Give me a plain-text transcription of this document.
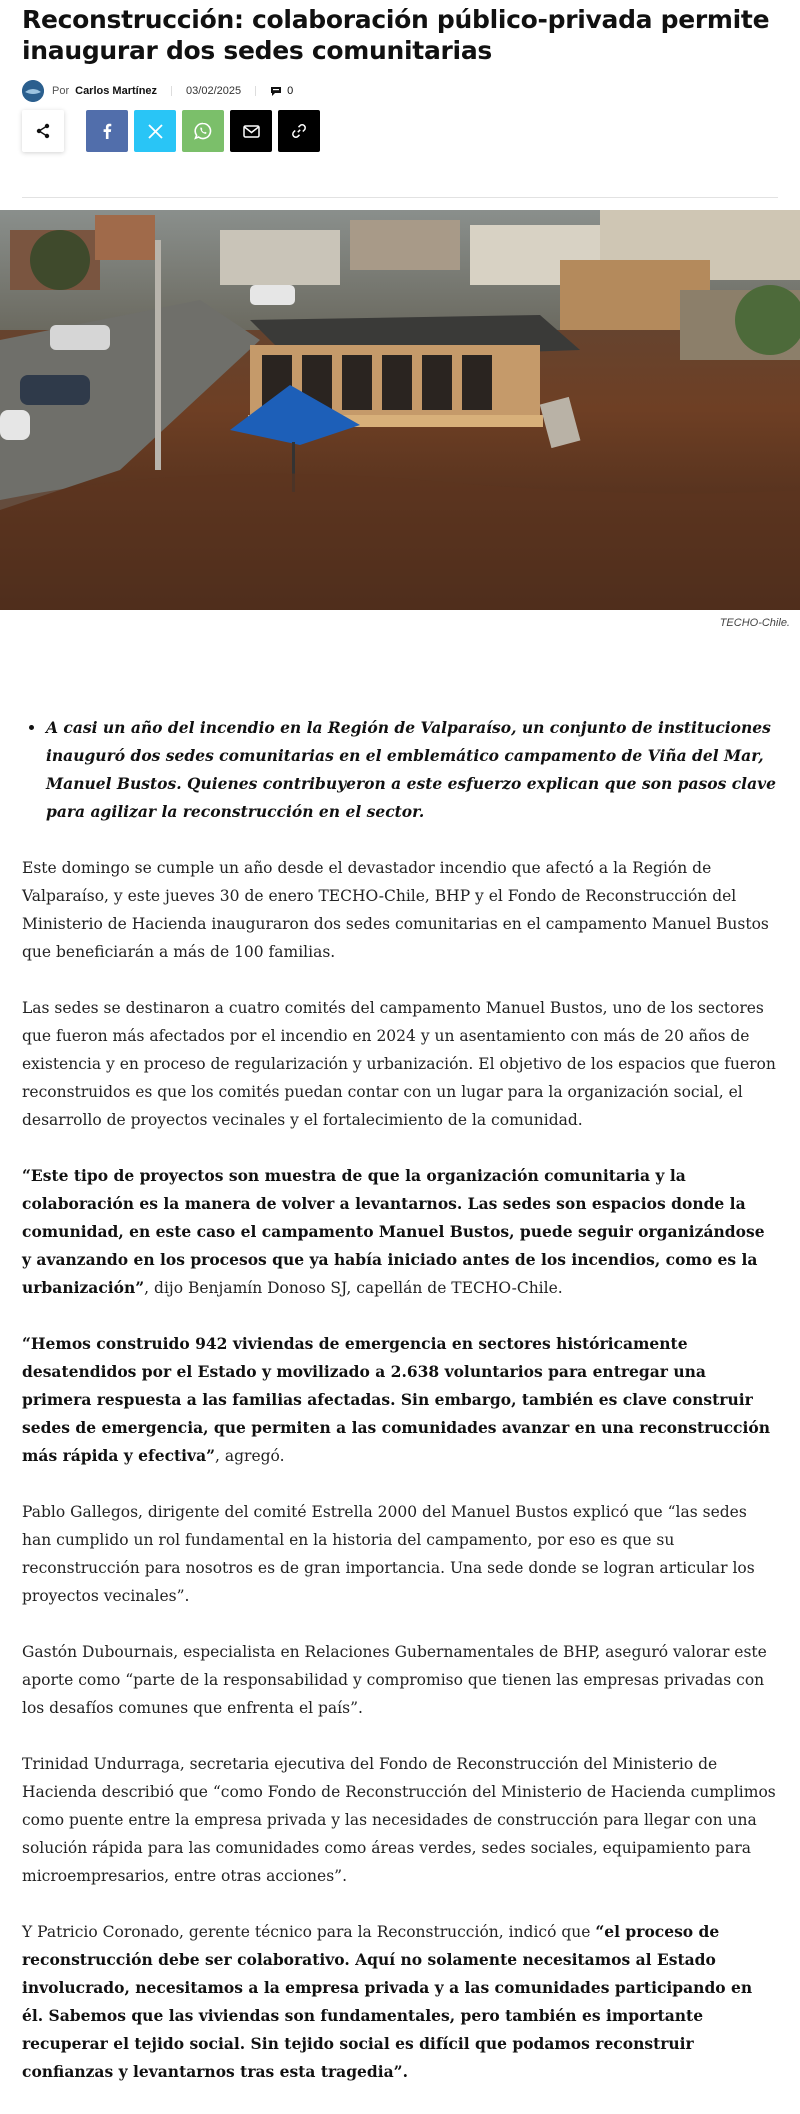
Reconstrucción: colaboración público-privada permite inaugurar dos sedes comunitarias
Por Carlos Martínez	03/02/2025	0
TECHO-Chile.
• A casi un año del incendio en la Región de Valparaíso, un conjunto de instituciones inauguró dos sedes comunitarias en el emblemático campamento de Viña del Mar, Manuel Bustos. Quienes contribuyeron a este esfuerzo explican que son pasos clave para agilizar la reconstrucción en el sector.

Este domingo se cumple un año desde el devastador incendio que afectó a la Región de Valparaíso, y este jueves 30 de enero TECHO-Chile, BHP y el Fondo de Reconstrucción del Ministerio de Hacienda inauguraron dos sedes comunitarias en el campamento Manuel Bustos que beneficiarán a más de 100 familias.

Las sedes se destinaron a cuatro comités del campamento Manuel Bustos, uno de los sectores que fueron más afectados por el incendio en 2024 y un asentamiento con más de 20 años de existencia y en proceso de regularización y urbanización. El objetivo de los espacios que fueron reconstruidos es que los comités puedan contar con un lugar para la organización social, el desarrollo de proyectos vecinales y el fortalecimiento de la comunidad.

“Este tipo de proyectos son muestra de que la organización comunitaria y la colaboración es la manera de volver a levantarnos. Las sedes son espacios donde la comunidad, en este caso el campamento Manuel Bustos, puede seguir organizándose y avanzando en los procesos que ya había iniciado antes de los incendios, como es la urbanización”, dijo Benjamín Donoso SJ, capellán de TECHO-Chile.

“Hemos construido 942 viviendas de emergencia en sectores históricamente desatendidos por el Estado y movilizado a 2.638 voluntarios para entregar una primera respuesta a las familias afectadas. Sin embargo, también es clave construir sedes de emergencia, que permiten a las comunidades avanzar en una reconstrucción más rápida y efectiva”, agregó.

Pablo Gallegos, dirigente del comité Estrella 2000 del Manuel Bustos explicó que “las sedes han cumplido un rol fundamental en la historia del campamento, por eso es que su reconstrucción para nosotros es de gran importancia. Una sede donde se logran articular los proyectos vecinales”.

Gastón Dubournais, especialista en Relaciones Gubernamentales de BHP, aseguró valorar este aporte como “parte de la responsabilidad y compromiso que tienen las empresas privadas con los desafíos comunes que enfrenta el país”.

Trinidad Undurraga, secretaria ejecutiva del Fondo de Reconstrucción del Ministerio de Hacienda describió que “como Fondo de Reconstrucción del Ministerio de Hacienda cumplimos como puente entre la empresa privada y las necesidades de construcción para llegar con una solución rápida para las comunidades como áreas verdes, sedes sociales, equipamiento para microempresarios, entre otras acciones”.

Y Patricio Coronado, gerente técnico para la Reconstrucción, indicó que “el proceso de reconstrucción debe ser colaborativo. Aquí no solamente necesitamos al Estado involucrado, necesitamos a la empresa privada y a las comunidades participando en él. Sabemos que las viviendas son fundamentales, pero también es importante recuperar el tejido social. Sin tejido social es difícil que podamos reconstruir confianzas y levantarnos tras esta tragedia”.
